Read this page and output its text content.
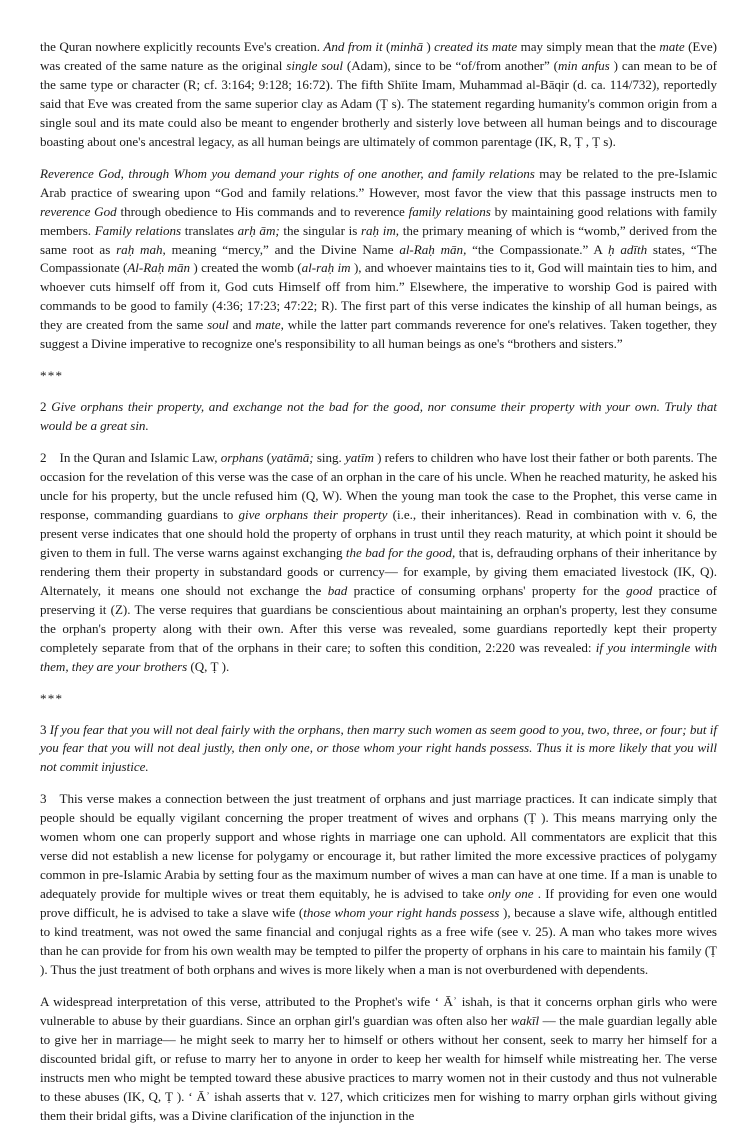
the Quran nowhere explicitly recounts Eve's creation. And from it (minhā ) created its mate may simply mean that the mate (Eve) was created of the same nature as the original single soul (Adam), since to be “of/from another” (min anfus ) can mean to be of the same type or character (R; cf. 3:164; 9:128; 16:72). The fifth Shīite Imam, Muhammad al-Bāqir (d. ca. 114/732), reportedly said that Eve was created from the same superior clay as Adam (Ṭ s). The statement regarding humanity's common origin from a single soul and its mate could also be meant to engender brotherly and sisterly love between all human beings and to discourage boasting about one's ancestral legacy, as all human beings are ultimately of common parentage (IK, R, Ṭ , Ṭ s).

Reverence God, through Whom you demand your rights of one another, and family relations may be related to the pre-Islamic Arab practice of swearing upon “God and family relations.” However, most favor the view that this passage instructs men to reverence God through obedience to His commands and to reverence family relations by maintaining good relations with family members. Family relations translates arḥ ām; the singular is raḥ im, the primary meaning of which is “womb,” derived from the same root as raḥ mah, meaning “mercy,” and the Divine Name al-Raḥ mān, “the Compassionate.” A ḥ adīth states, “The Compassionate (Al-Raḥ mān ) created the womb (al-raḥ im ), and whoever maintains ties to it, God will maintain ties to him, and whoever cuts himself off from it, God cuts Himself off from him.” Elsewhere, the imperative to worship God is paired with commands to be good to family (4:36; 17:23; 47:22; R). The first part of this verse indicates the kinship of all human beings, as they are created from the same soul and mate, while the latter part commands reverence for one's relatives. Taken together, they suggest a Divine imperative to recognize one's responsibility to all human beings as one's “brothers and sisters.”

***

2 Give orphans their property, and exchange not the bad for the good, nor consume their property with your own. Truly that would be a great sin.

2 In the Quran and Islamic Law, orphans (yatāmā; sing. yatīm ) refers to children who have lost their father or both parents. The occasion for the revelation of this verse was the case of an orphan in the care of his uncle. When he reached maturity, he asked his uncle for his property, but the uncle refused him (Q, W). When the young man took the case to the Prophet, this verse came in response, commanding guardians to give orphans their property (i.e., their inheritances). Read in combination with v. 6, the present verse indicates that one should hold the property of orphans in trust until they reach maturity, at which point it should be given to them in full. The verse warns against exchanging the bad for the good, that is, defrauding orphans of their inheritance by rendering them their property in substandard goods or currency— for example, by giving them emaciated livestock (IK, Q). Alternately, it means one should not exchange the bad practice of consuming orphans' property for the good practice of preserving it (Z). The verse requires that guardians be conscientious about maintaining an orphan's property, lest they consume the orphan's property along with their own. After this verse was revealed, some guardians reportedly kept their property completely separate from that of the orphans in their care; to soften this condition, 2:220 was revealed: if you intermingle with them, they are your brothers (Q, Ṭ ).

***

3 If you fear that you will not deal fairly with the orphans, then marry such women as seem good to you, two, three, or four; but if you fear that you will not deal justly, then only one, or those whom your right hands possess. Thus it is more likely that you will not commit injustice.

3 This verse makes a connection between the just treatment of orphans and just marriage practices. It can indicate simply that people should be equally vigilant concerning the proper treatment of wives and orphans (Ṭ ). This means marrying only the women whom one can properly support and whose rights in marriage one can uphold. All commentators are explicit that this verse did not establish a new license for polygamy or encourage it, but rather limited the more excessive practices of polygamy common in pre-Islamic Arabia by setting four as the maximum number of wives a man can have at one time. If a man is unable to adequately provide for multiple wives or treat them equitably, he is advised to take only one . If providing for even one would prove difficult, he is advised to take a slave wife (those whom your right hands possess ), because a slave wife, although entitled to kind treatment, was not owed the same financial and conjugal rights as a free wife (see v. 25). A man who takes more wives than he can provide for from his own wealth may be tempted to pilfer the property of orphans in his care to maintain his family (Ṭ ). Thus the just treatment of both orphans and wives is more likely when a man is not overburdened with dependents.

A widespread interpretation of this verse, attributed to the Prophet's wife ʻ Āʾ ishah, is that it concerns orphan girls who were vulnerable to abuse by their guardians. Since an orphan girl's guardian was often also her wakīl — the male guardian legally able to give her in marriage— he might seek to marry her to himself or others without her consent, seek to marry her himself for a discounted bridal gift, or refuse to marry her to anyone in order to keep her wealth for himself while mistreating her. The verse instructs men who might be tempted toward these abusive practices to marry women not in their custody and thus not vulnerable to these abuses (IK, Q, Ṭ ). ʻ Āʾ ishah asserts that v. 127, which criticizes men for wishing to marry orphan girls without giving them their bridal gifts, was a Divine clarification of the injunction in the
